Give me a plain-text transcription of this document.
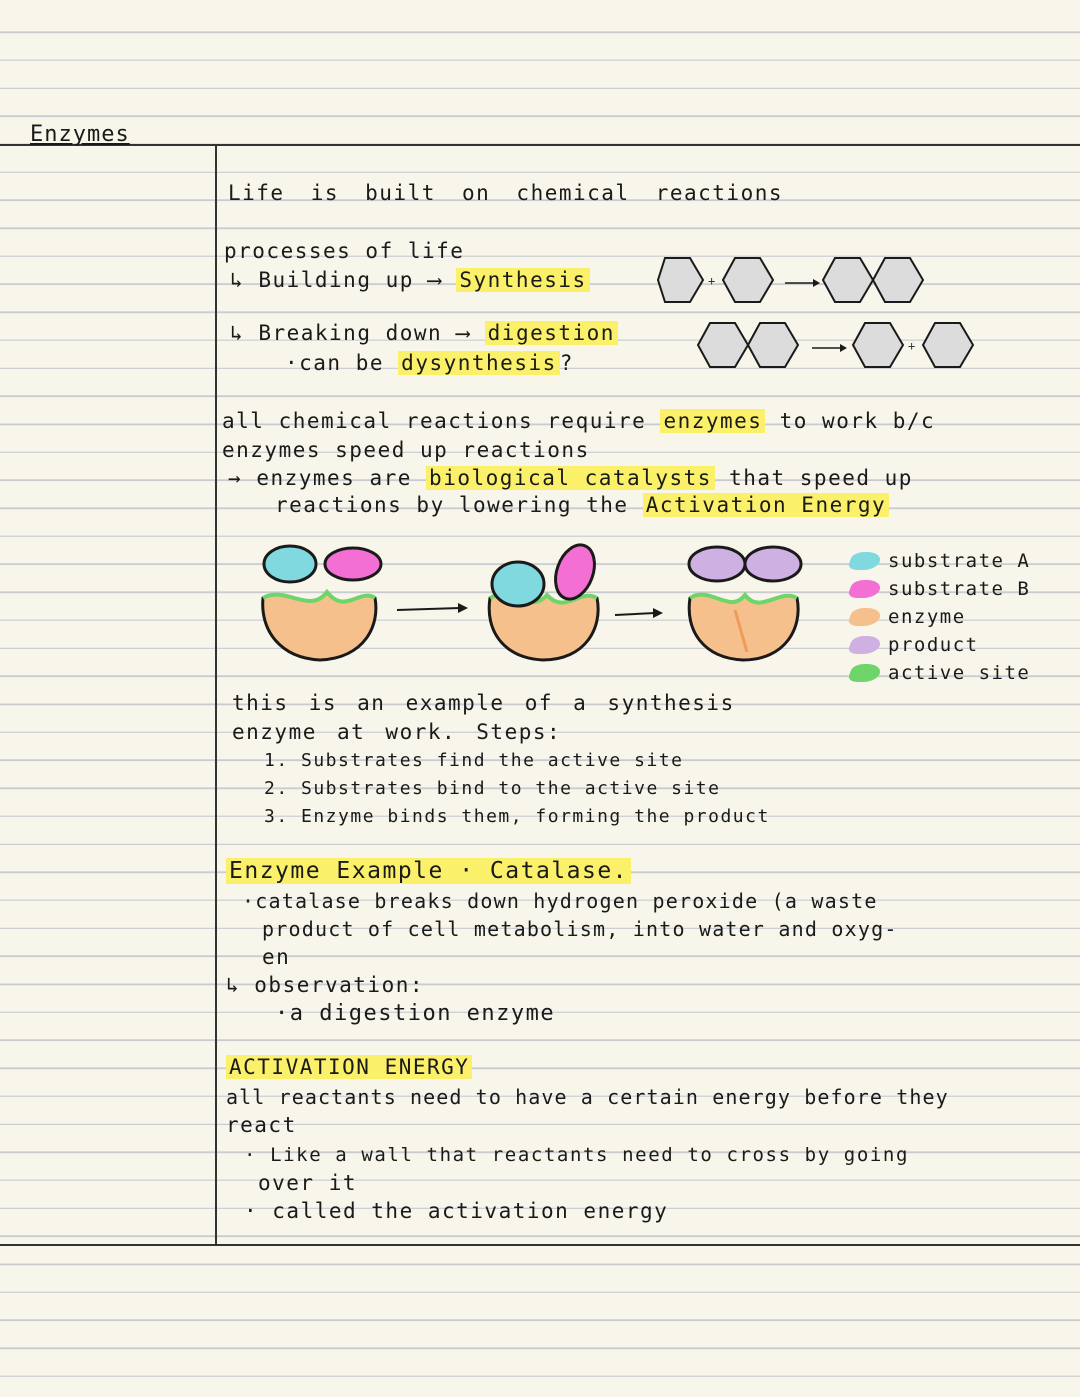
Enzymes
Life is built on chemical reactions
processes of life
↳ Building up ⟶ Synthesis
↳ Breaking down ⟶ digestion
·can be dysynthesis ?
+
+
all chemical reactions require enzymes to work b/c
enzymes speed up reactions
→ enzymes are biological catalysts that speed up
reactions by lowering the Activation Energy
substrate A
substrate B
enzyme
product
active site
this is an example of a synthesis
enzyme at work. Steps:
1. Substrates find the active site
2. Substrates bind to the active site
3. Enzyme binds them, forming the product
Enzyme Example · Catalase.
·catalase breaks down hydrogen peroxide (a waste
product of cell metabolism, into water and oxyg-
en
↳ observation:
·a digestion enzyme
ACTIVATION ENERGY
all reactants need to have a certain energy before they
react
· Like a wall that reactants need to cross by going
over it
· called the activation energy
